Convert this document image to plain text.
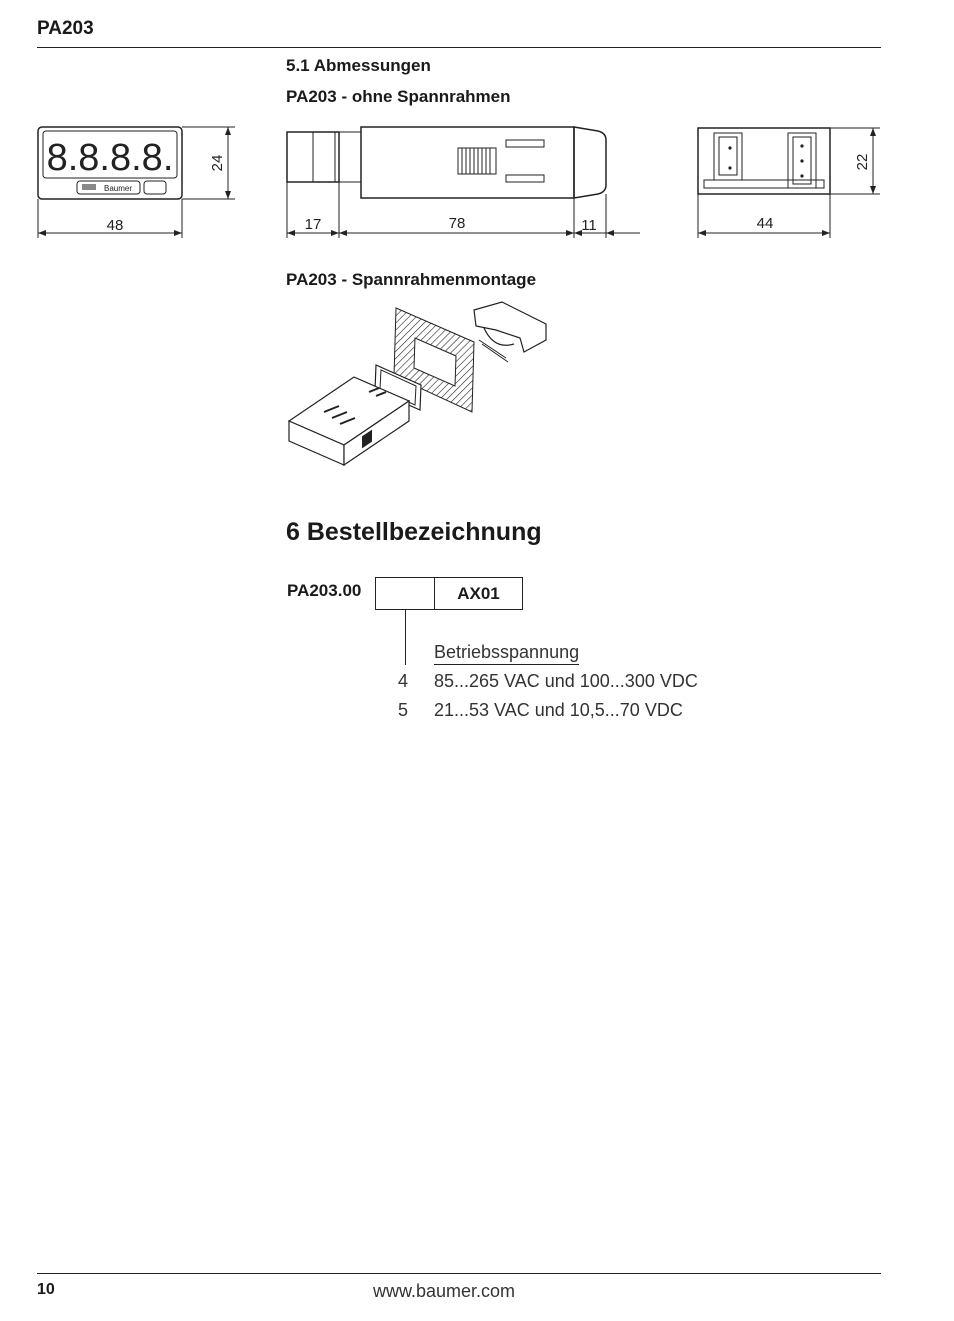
PA203
5.1 Abmessungen
PA203 - ohne Spannrahmen
8.8.8.8.
Baumer
24
48	17	78	11
22
44
PA203 - Spannrahmenmontage
6 Bestellbezeichnung
PA203.00	AX01
Betriebsspannung
4 85...265 VAC und 100...300 VDC
5 21...53 VAC und 10,5...70 VDC
10	www.baumer.com
